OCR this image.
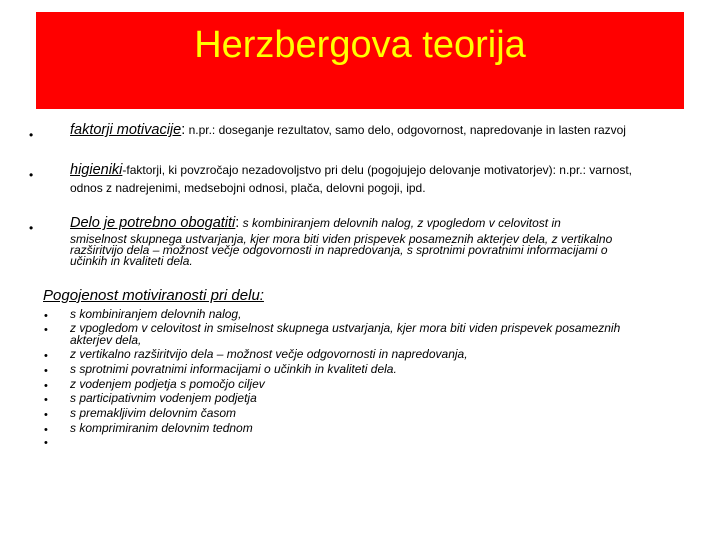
Herzbergova teorija
•	faktorji motivacije: n.pr.: doseganje rezultatov, samo delo, odgovornost, napredovanje in lasten razvoj
•	higieniki-faktorji, ki povzročajo nezadovoljstvo pri delu (pogojujejo delovanje motivatorjev): n.pr.: varnost,
odnos z nadrejenimi, medsebojni odnosi, plača, delovni pogoji, ipd.
•	Delo je potrebno obogatiti: s kombiniranjem delovnih nalog, z vpogledom v celovitost in
smiselnost skupnega ustvarjanja, kjer mora biti viden prispevek posameznih akterjev dela, z vertikalno
razširitvijo dela – možnost večje odgovornosti in napredovanja, s sprotnimi povratnimi informacijami o
učinkih in kvaliteti dela.
Pogojenost motiviranosti pri delu:
• s kombiniranjem delovnih nalog,
• z vpogledom v celovitost in smiselnost skupnega ustvarjanja, kjer mora biti viden prispevek posameznih
akterjev dela,
• z vertikalno razširitvijo dela – možnost večje odgovornosti in napredovanja,
• s sprotnimi povratnimi informacijami o učinkih in kvaliteti dela.
• z vodenjem podjetja s pomočjo ciljev
• s participativnim vodenjem podjetja
• s premakljivim delovnim časom
• s komprimiranim delovnim tednom
•
